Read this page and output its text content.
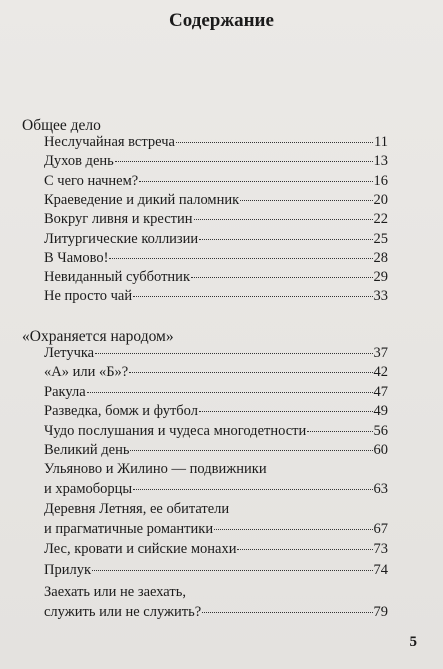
Содержание
Общее дело
Неслучайная встреча	11
Духов день	13
С чего начнем?	16
Краеведение и дикий паломник	20
Вокруг ливня и крестин	22
Литургические коллизии	25
В Чамово!	28
Невиданный субботник	29
Не просто чай	33
«Охраняется народом»
Летучка	37
«А» или «Б»?	42
Ракула	47
Разведка, бомж и футбол	49
Чудо послушания и чудеса многодетности	56
Великий день	60
Ульяново и Жилино — подвижники
и храмоборцы	63
Деревня Летняя, ее обитатели
и прагматичные романтики	67
Лес, кровати и сийские монахи	73
Прилук	74
Заехать или не заехать,
служить или не служить?	79
5
